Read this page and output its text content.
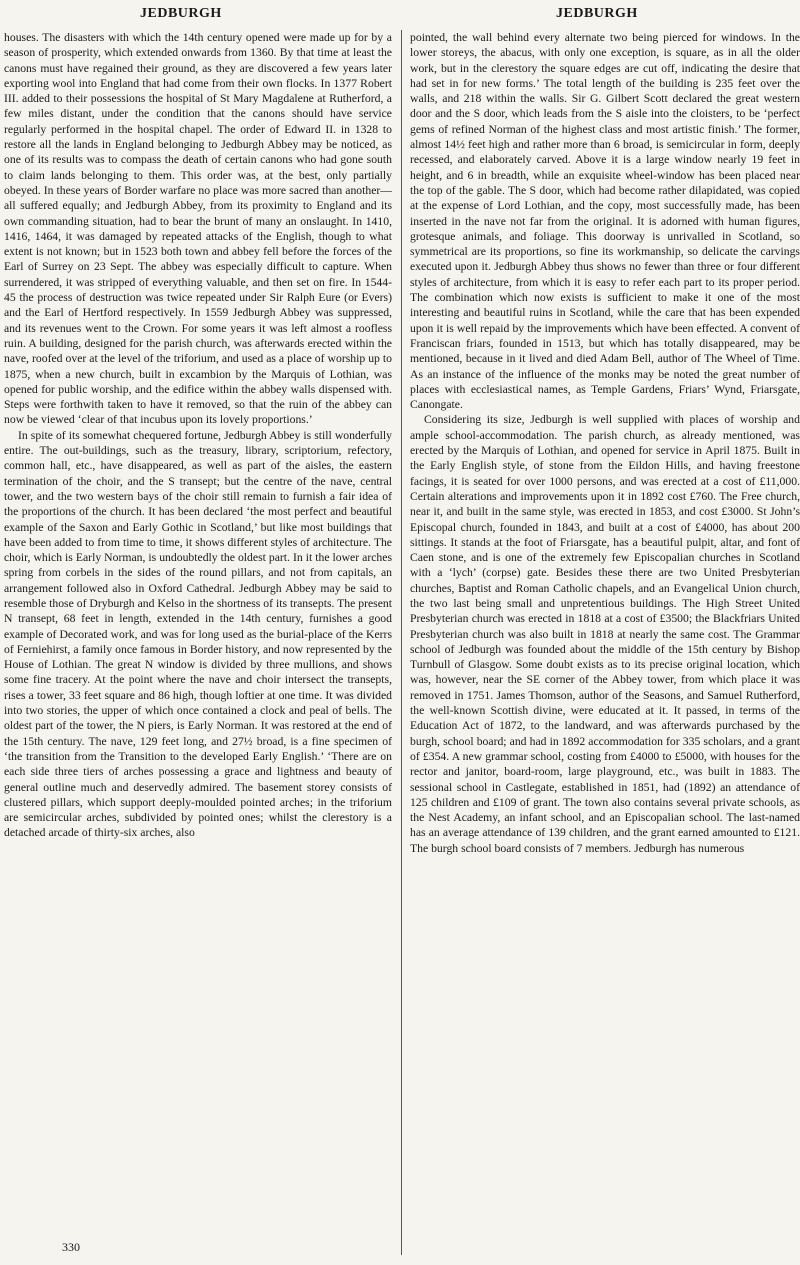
JEDBURGH	JEDBURGH

houses. The disasters with which the 14th century opened were made up for by a season of prosperity, which extended onwards from 1360. By that time at least the canons must have regained their ground, as they are discovered a few years later exporting wool into England that had come from their own flocks. In 1377 Robert III. added to their possessions the hospital of St Mary Magdalene at Rutherford, a few miles distant, under the condition that the canons should have service regularly performed in the hospital chapel. The order of Edward II. in 1328 to restore all the lands in England belonging to Jedburgh Abbey may be noticed, as one of its results was to compass the death of certain canons who had gone south to claim lands belonging to them. This order was, at the best, only partially obeyed. In these years of Border warfare no place was more sacred than another—all suffered equally; and Jedburgh Abbey, from its proximity to England and its own commanding situation, had to bear the brunt of many an onslaught. In 1410, 1416, 1464, it was damaged by repeated attacks of the English, though to what extent is not known; but in 1523 both town and abbey fell before the forces of the Earl of Surrey on 23 Sept. The abbey was especially difficult to capture. When surrendered, it was stripped of everything valuable, and then set on fire. In 1544-45 the process of destruction was twice repeated under Sir Ralph Eure (or Evers) and the Earl of Hertford respectively. In 1559 Jedburgh Abbey was suppressed, and its revenues went to the Crown. For some years it was left almost a roofless ruin. A building, designed for the parish church, was afterwards erected within the nave, roofed over at the level of the triforium, and used as a place of worship up to 1875, when a new church, built in excambion by the Marquis of Lothian, was opened for public worship, and the edifice within the abbey walls dispensed with. Steps were forthwith taken to have it removed, so that the ruin of the abbey can now be viewed ‘clear of that incubus upon its lovely proportions.’

In spite of its somewhat chequered fortune, Jedburgh Abbey is still wonderfully entire. The out-buildings, such as the treasury, library, scriptorium, refectory, common hall, etc., have disappeared, as well as part of the aisles, the eastern termination of the choir, and the S transept; but the centre of the nave, central tower, and the two western bays of the choir still remain to furnish a fair idea of the proportions of the church. It has been declared ‘the most perfect and beautiful example of the Saxon and Early Gothic in Scotland,’ but like most buildings that have been added to from time to time, it shows different styles of architecture. The choir, which is Early Norman, is undoubtedly the oldest part. In it the lower arches spring from corbels in the sides of the round pillars, and not from capitals, an arrangement followed also in Oxford Cathedral. Jedburgh Abbey may be said to resemble those of Dryburgh and Kelso in the shortness of its transepts. The present N transept, 68 feet in length, extended in the 14th century, furnishes a good example of Decorated work, and was for long used as the burial-place of the Kerrs of Ferniehirst, a family once famous in Border history, and now represented by the House of Lothian. The great N window is divided by three mullions, and shows some fine tracery. At the point where the nave and choir intersect the transepts, rises a tower, 33 feet square and 86 high, though loftier at one time. It was divided into two stories, the upper of which once contained a clock and peal of bells. The oldest part of the tower, the N piers, is Early Norman. It was restored at the end of the 15th century. The nave, 129 feet long, and 27½ broad, is a fine specimen of ‘the transition from the Transition to the developed Early English.’ ‘There are on each side three tiers of arches possessing a grace and lightness and beauty of general outline much and deservedly admired. The basement storey consists of clustered pillars, which support deeply-moulded pointed arches; in the triforium are semicircular arches, subdivided by pointed ones; whilst the clerestory is a detached arcade of thirty-six arches, also

pointed, the wall behind every alternate two being pierced for windows. In the lower storeys, the abacus, with only one exception, is square, as in all the older work, but in the clerestory the square edges are cut off, indicating the desire that had set in for new forms.’ The total length of the building is 235 feet over the walls, and 218 within the walls. Sir G. Gilbert Scott declared the great western door and the S door, which leads from the S aisle into the cloisters, to be ‘perfect gems of refined Norman of the highest class and most artistic finish.’ The former, almost 14½ feet high and rather more than 6 broad, is semicircular in form, deeply recessed, and elaborately carved. Above it is a large window nearly 19 feet in height, and 6 in breadth, while an exquisite wheel-window has been placed near the top of the gable. The S door, which had become rather dilapidated, was copied at the expense of Lord Lothian, and the copy, most successfully made, has been inserted in the nave not far from the original. It is adorned with human figures, grotesque animals, and foliage. This doorway is unrivalled in Scotland, so symmetrical are its proportions, so fine its workmanship, so delicate the carvings executed upon it. Jedburgh Abbey thus shows no fewer than three or four different styles of architecture, from which it is easy to refer each part to its proper period. The combination which now exists is sufficient to make it one of the most interesting and beautiful ruins in Scotland, while the care that has been expended upon it is well repaid by the improvements which have been effected. A convent of Franciscan friars, founded in 1513, but which has totally disappeared, may be mentioned, because in it lived and died Adam Bell, author of The Wheel of Time. As an instance of the influence of the monks may be noted the great number of places with ecclesiastical names, as Temple Gardens, Friars’ Wynd, Friarsgate, Canongate.

Considering its size, Jedburgh is well supplied with places of worship and ample school-accommodation. The parish church, as already mentioned, was erected by the Marquis of Lothian, and opened for service in April 1875. Built in the Early English style, of stone from the Eildon Hills, and having freestone facings, it is seated for over 1000 persons, and was erected at a cost of £11,000. Certain alterations and improvements upon it in 1892 cost £760. The Free church, near it, and built in the same style, was erected in 1853, and cost £3000. St John’s Episcopal church, founded in 1843, and built at a cost of £4000, has about 200 sittings. It stands at the foot of Friarsgate, has a beautiful pulpit, altar, and font of Caen stone, and is one of the extremely few Episcopalian churches in Scotland with a ‘lych’ (corpse) gate. Besides these there are two United Presbyterian churches, Baptist and Roman Catholic chapels, and an Evangelical Union church, the two last being small and unpretentious buildings. The High Street United Presbyterian church was erected in 1818 at a cost of £3500; the Blackfriars United Presbyterian church was also built in 1818 at nearly the same cost. The Grammar school of Jedburgh was founded about the middle of the 15th century by Bishop Turnbull of Glasgow. Some doubt exists as to its precise original location, which was, however, near the SE corner of the Abbey tower, from which place it was removed in 1751. James Thomson, author of the Seasons, and Samuel Rutherford, the well-known Scottish divine, were educated at it. It passed, in terms of the Education Act of 1872, to the landward, and was afterwards purchased by the burgh, school board; and had in 1892 accommodation for 335 scholars, and a grant of £354. A new grammar school, costing from £4000 to £5000, with houses for the rector and janitor, board-room, large playground, etc., was built in 1883. The sessional school in Castlegate, established in 1851, had (1892) an attendance of 125 children and £109 of grant. The town also contains several private schools, as the Nest Academy, an infant school, and an Episcopalian school. The last-named has an average attendance of 139 children, and the grant earned amounted to £121. The burgh school board consists of 7 members. Jedburgh has numerous

330
